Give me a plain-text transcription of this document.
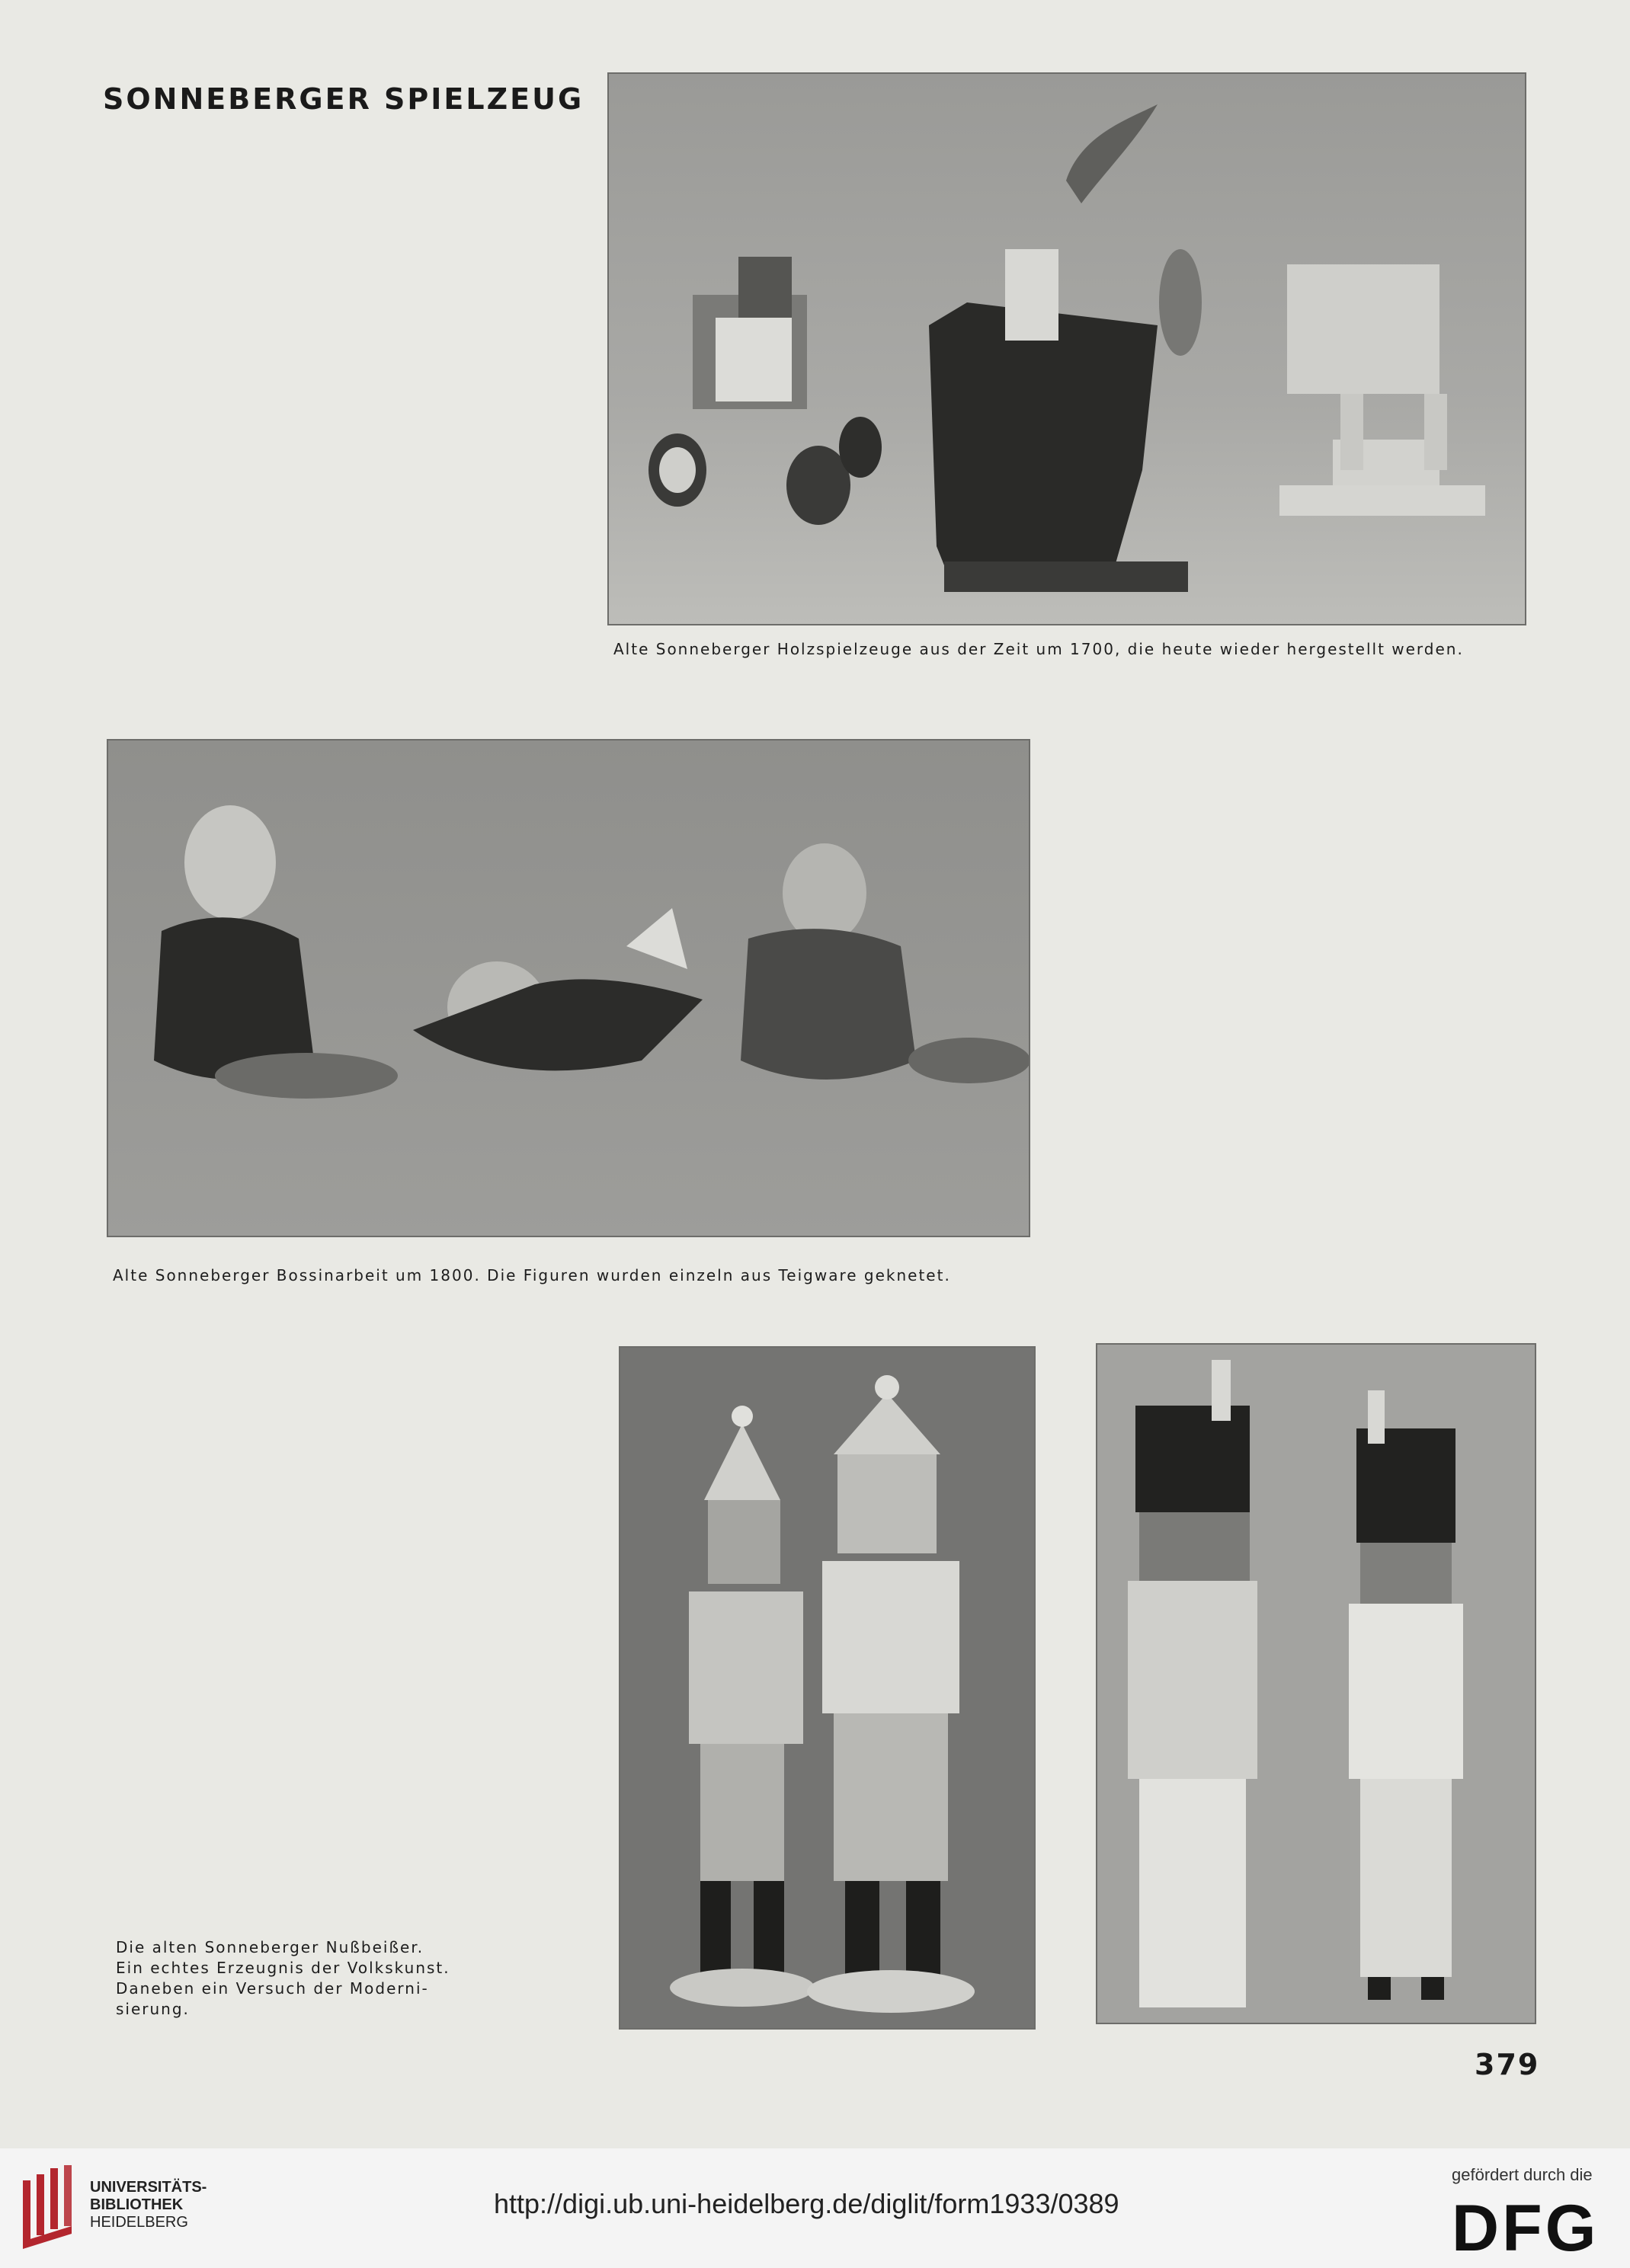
SONNEBERGER SPIELZEUG
Alte Sonneberger Holzspielzeuge aus der Zeit um 1700, die heute wieder hergestellt werden.
Alte Sonneberger Bossinarbeit um 1800. Die Figuren wurden einzeln aus Teigware geknetet.
Die alten Sonneberger Nußbeißer.
Ein echtes Erzeugnis der Volkskunst.
Daneben ein Versuch der Moderni-
sierung.
379
UNIVERSITÄTS-
BIBLIOTHEK
HEIDELBERG
http://digi.ub.uni-heidelberg.de/diglit/form1933/0389
gefördert durch die
DFG
